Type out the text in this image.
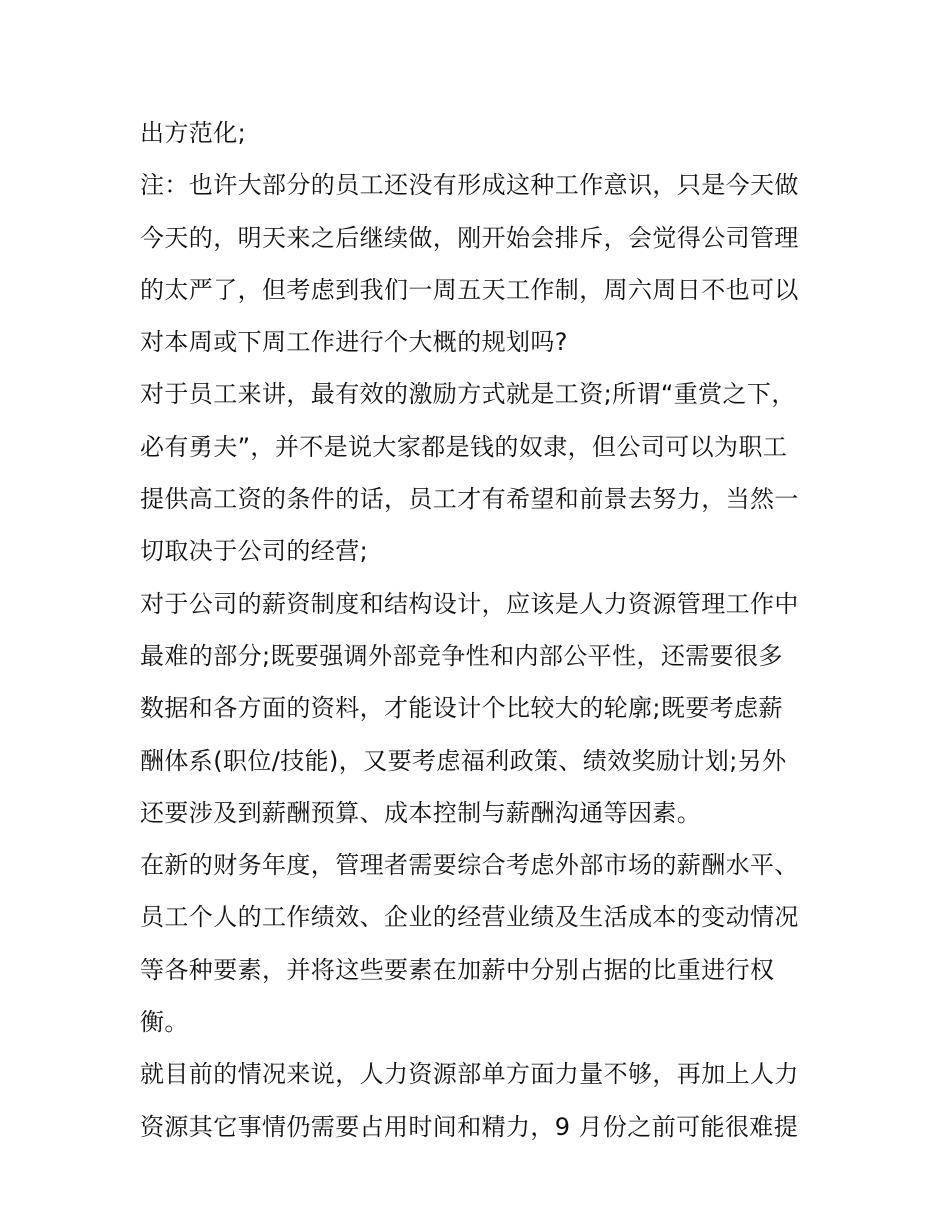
出方范化;
注：也许大部分的员工还没有形成这种工作意识，只是今天做
今天的，明天来之后继续做，刚开始会排斥，会觉得公司管理
的太严了，但考虑到我们一周五天工作制，周六周日不也可以
对本周或下周工作进行个大概的规划吗?
对于员工来讲，最有效的激励方式就是工资;所谓“重赏之下，
必有勇夫”，并不是说大家都是钱的奴隶，但公司可以为职工
提供高工资的条件的话，员工才有希望和前景去努力，当然一
切取决于公司的经营;
对于公司的薪资制度和结构设计，应该是人力资源管理工作中
最难的部分;既要强调外部竞争性和内部公平性，还需要很多
数据和各方面的资料，才能设计个比较大的轮廓;既要考虑薪
酬体系(职位/技能)，又要考虑福利政策、绩效奖励计划;另外
还要涉及到薪酬预算、成本控制与薪酬沟通等因素。
在新的财务年度，管理者需要综合考虑外部市场的薪酬水平、
员工个人的工作绩效、企业的经营业绩及生活成本的变动情况
等各种要素，并将这些要素在加薪中分别占据的比重进行权
衡。
就目前的情况来说，人力资源部单方面力量不够，再加上人力
资源其它事情仍需要占用时间和精力，9 月份之前可能很难提
